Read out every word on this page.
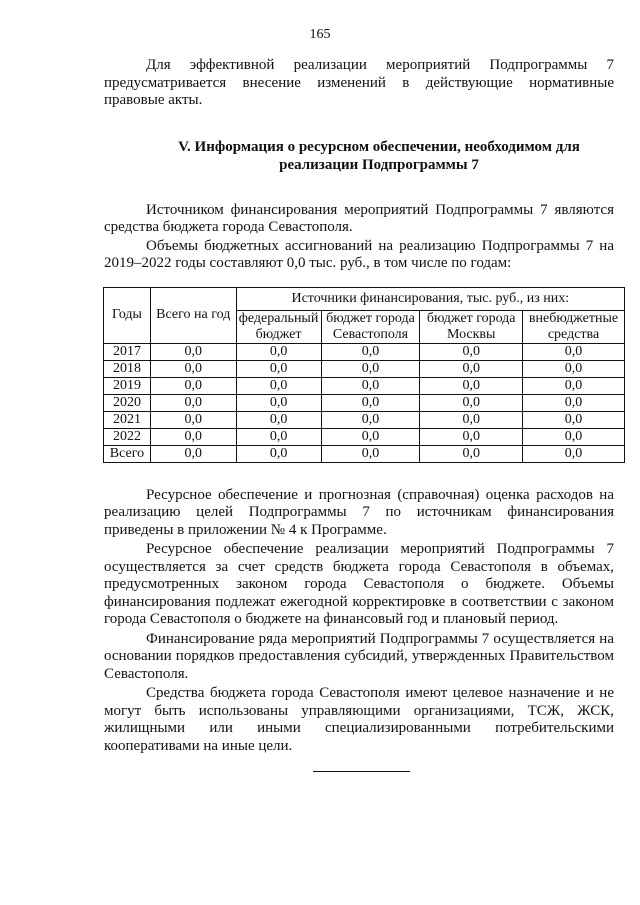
165

Для эффективной реализации мероприятий Подпрограммы 7 предусматривается внесение изменений в действующие нормативные правовые акты.

V. Информация о ресурсном обеспечении, необходимом для
реализации Подпрограммы 7

Источником финансирования мероприятий Подпрограммы 7 являются средства бюджета города Севастополя.

Объемы бюджетных ассигнований на реализацию Подпрограммы 7 на 2019–2022 годы составляют 0,0 тыс. руб., в том числе по годам:

Годы	Всего на год	Источники финансирования, тыс. руб., из них:			
		федеральный бюджет	бюджет города Севастополя	бюджет города Москвы	внебюджетные средства
2017	0,0	0,0	0,0	0,0	0,0
2018	0,0	0,0	0,0	0,0	0,0
2019	0,0	0,0	0,0	0,0	0,0
2020	0,0	0,0	0,0	0,0	0,0
2021	0,0	0,0	0,0	0,0	0,0
2022	0,0	0,0	0,0	0,0	0,0
Всего	0,0	0,0	0,0	0,0	0,0

Ресурсное обеспечение и прогнозная (справочная) оценка расходов на реализацию целей Подпрограммы 7 по источникам финансирования приведены в приложении № 4 к Программе.

Ресурсное обеспечение реализации мероприятий Подпрограммы 7 осуществляется за счет средств бюджета города Севастополя в объемах, предусмотренных законом города Севастополя о бюджете. Объемы финансирования подлежат ежегодной корректировке в соответствии с законом города Севастополя о бюджете на финансовый год и плановый период.

Финансирование ряда мероприятий Подпрограммы 7 осуществляется на основании порядков предоставления субсидий, утвержденных Правительством Севастополя.

Средства бюджета города Севастополя имеют целевое назначение и не могут быть использованы управляющими организациями, ТСЖ, ЖСК, жилищными или иными специализированными потребительскими кооперативами на иные цели.
